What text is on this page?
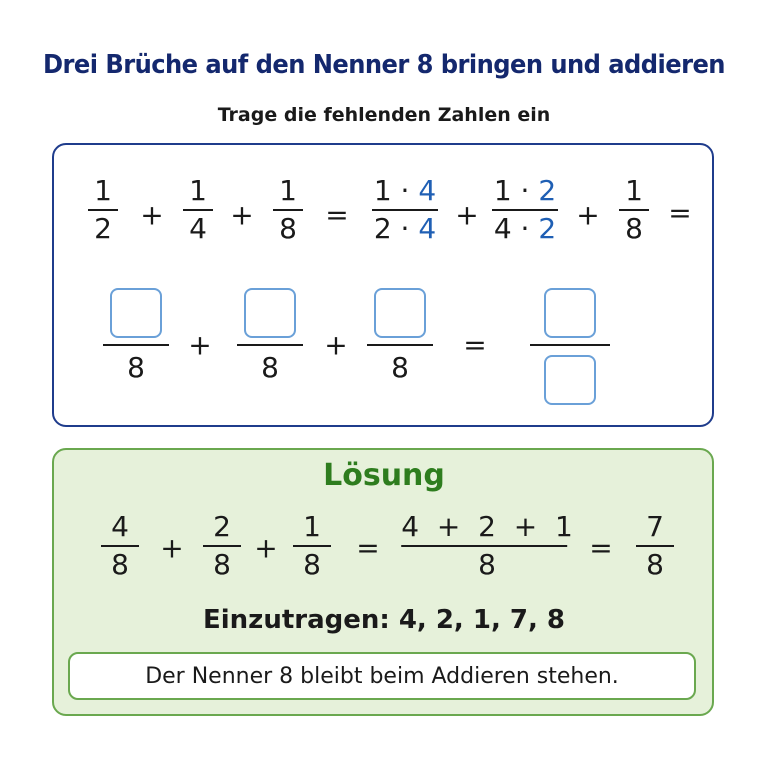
Drei Brüche auf den Nenner 8 bringen und addieren
Trage die fehlenden Zahlen ein
1
2 +
1
4 +
1
8 =
1 · 4
2 · 4 +
1 · 2
4 · 2 +
1
8 =
8
+
8
+
8
=
Lösung
4
8 +
2
8 +
1
8 =
4  +  2  +  1
8	=
7
8
Einzutragen: 4, 2, 1, 7, 8
Der Nenner 8 bleibt beim Addieren stehen.
